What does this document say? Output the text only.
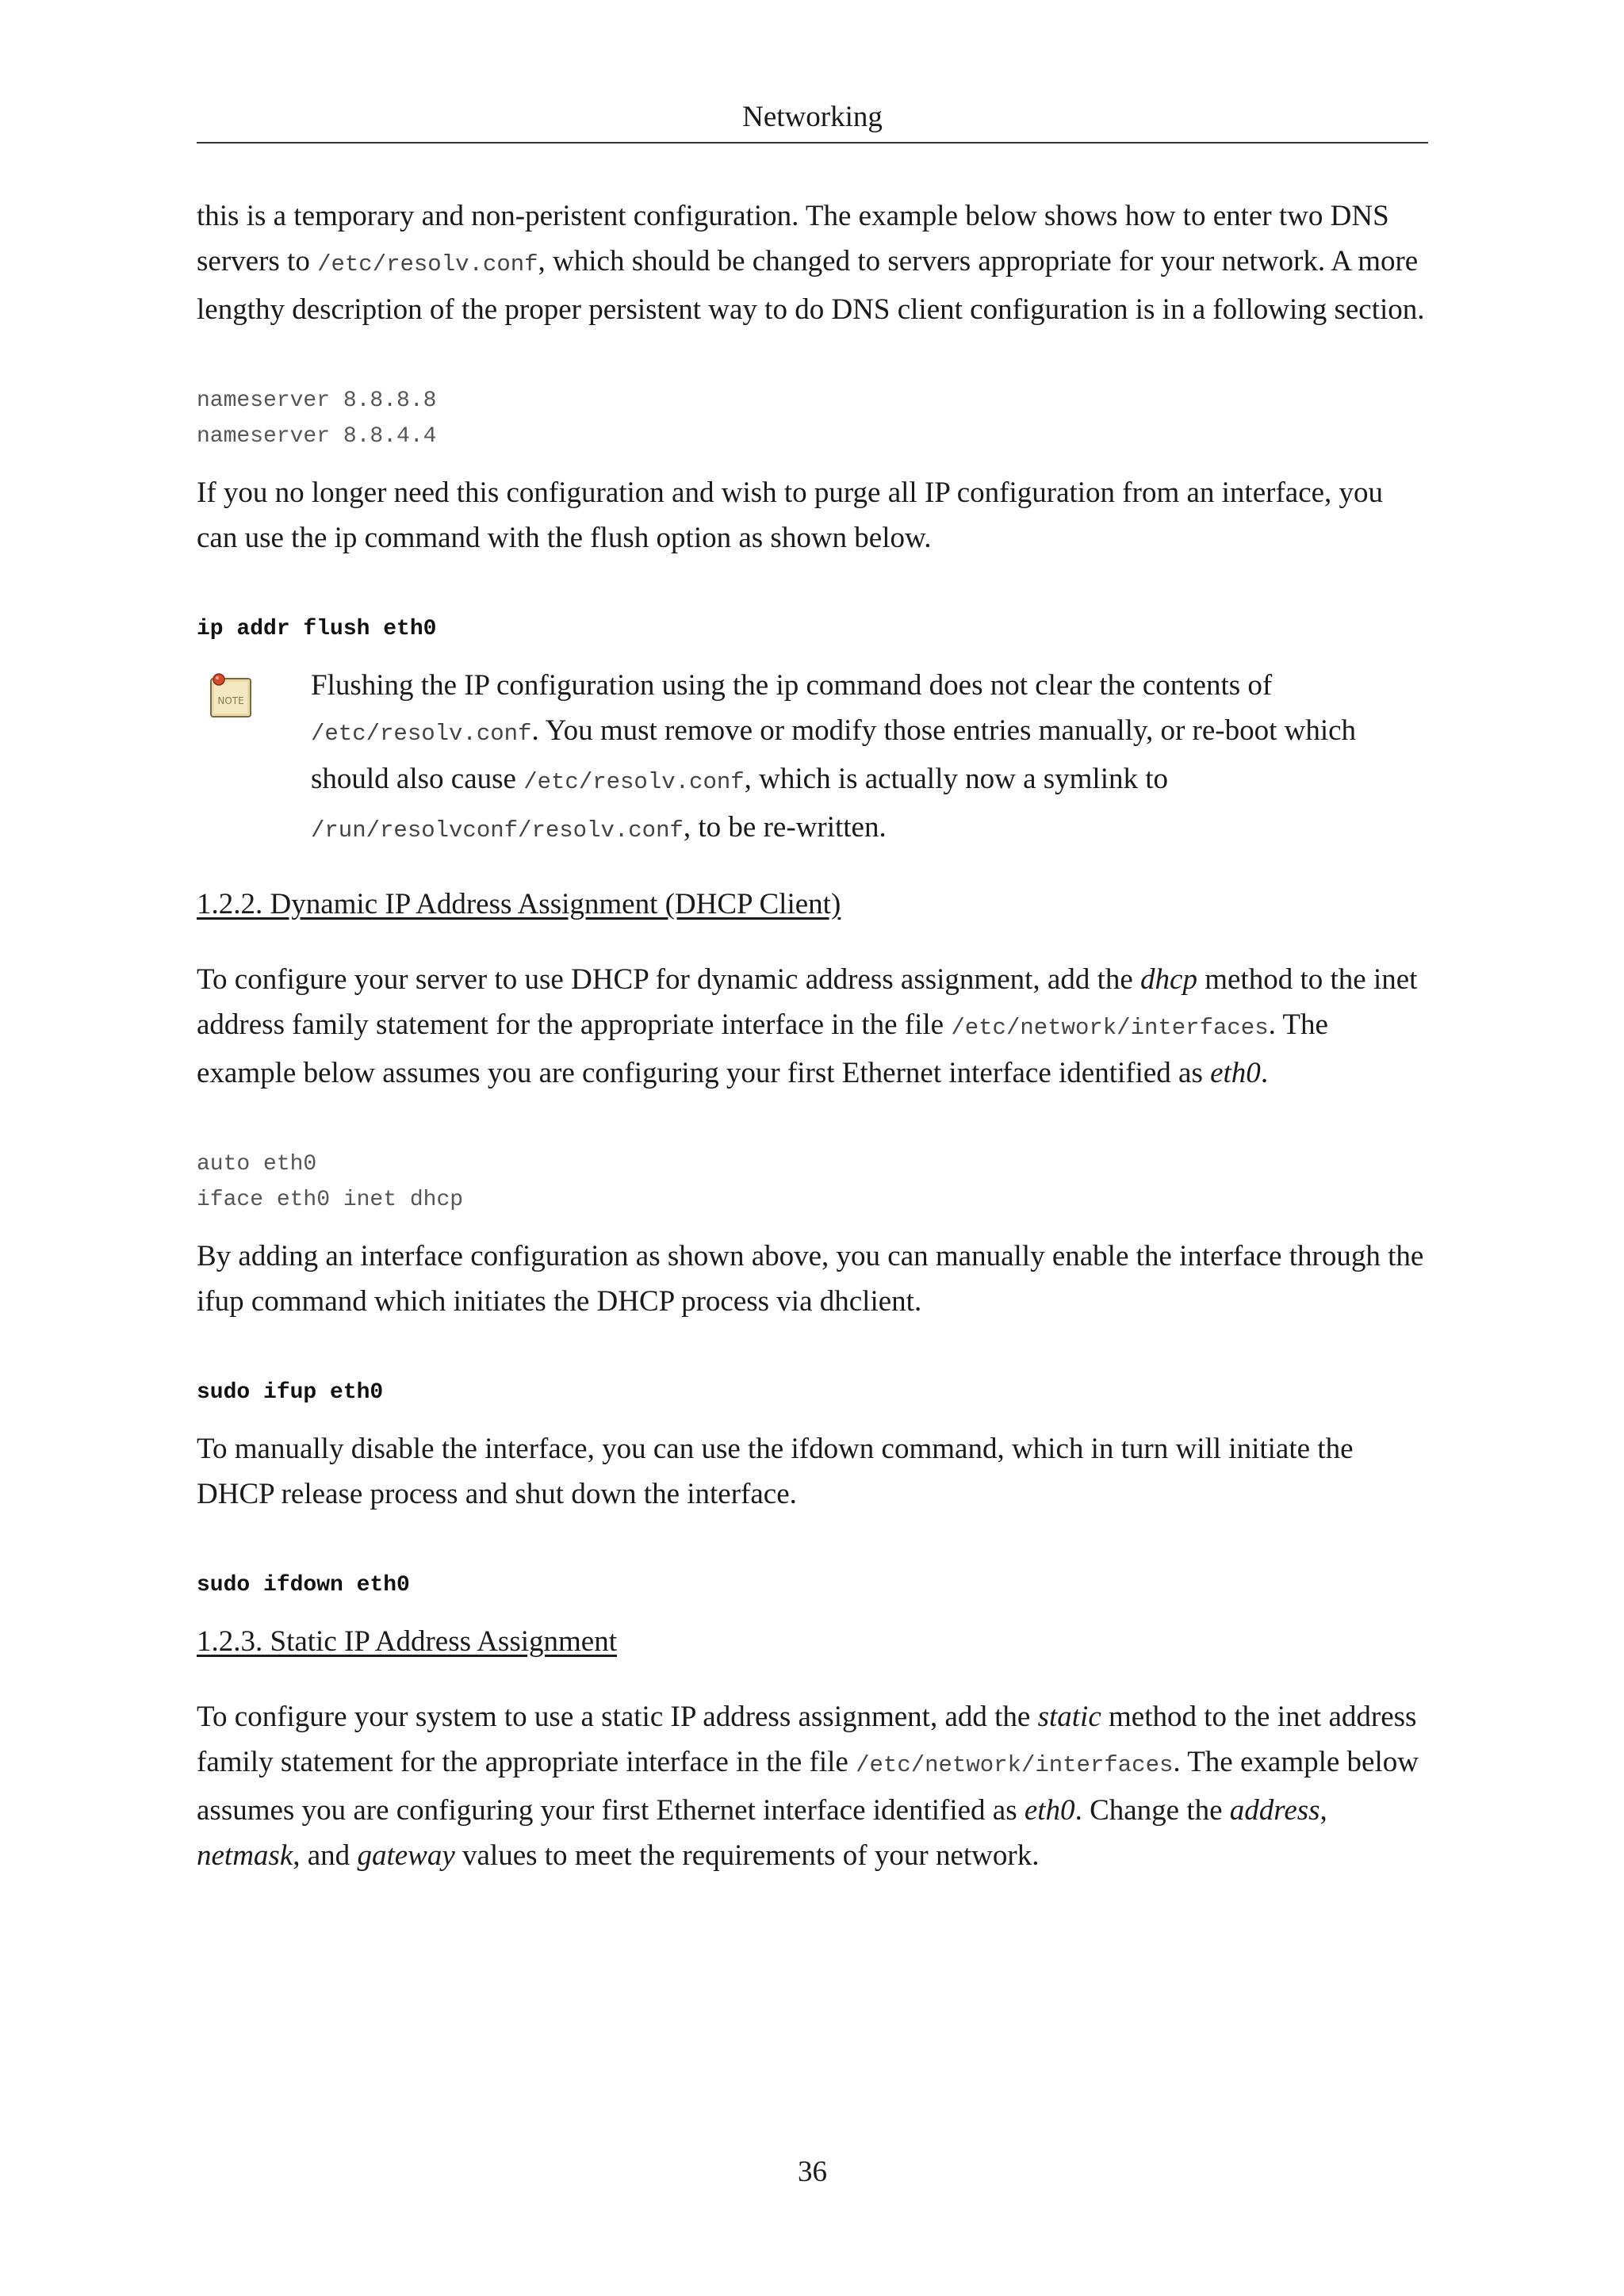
Networking

this is a temporary and non-peristent configuration. The example below shows how to enter two DNS servers to /etc/resolv.conf, which should be changed to servers appropriate for your network. A more lengthy description of the proper persistent way to do DNS client configuration is in a following section.

nameserver 8.8.8.8
nameserver 8.8.4.4

If you no longer need this configuration and wish to purge all IP configuration from an interface, you can use the ip command with the flush option as shown below.

ip addr flush eth0
NOTE Flushing the IP configuration using the ip command does not clear the contents of /etc/resolv.conf. You must remove or modify those entries manually, or re-boot which should also cause /etc/resolv.conf, which is actually now a symlink to /run/resolvconf/resolv.conf, to be re-written.

1.2.2. Dynamic IP Address Assignment (DHCP Client)

To configure your server to use DHCP for dynamic address assignment, add the dhcp method to the inet address family statement for the appropriate interface in the file /etc/network/interfaces. The example below assumes you are configuring your first Ethernet interface identified as eth0.

auto eth0
iface eth0 inet dhcp

By adding an interface configuration as shown above, you can manually enable the interface through the ifup command which initiates the DHCP process via dhclient.

sudo ifup eth0

To manually disable the interface, you can use the ifdown command, which in turn will initiate the DHCP release process and shut down the interface.

sudo ifdown eth0
1.2.3. Static IP Address Assignment

To configure your system to use a static IP address assignment, add the static method to the inet address family statement for the appropriate interface in the file /etc/network/interfaces. The example below assumes you are configuring your first Ethernet interface identified as eth0. Change the address, netmask, and gateway values to meet the requirements of your network.

36
